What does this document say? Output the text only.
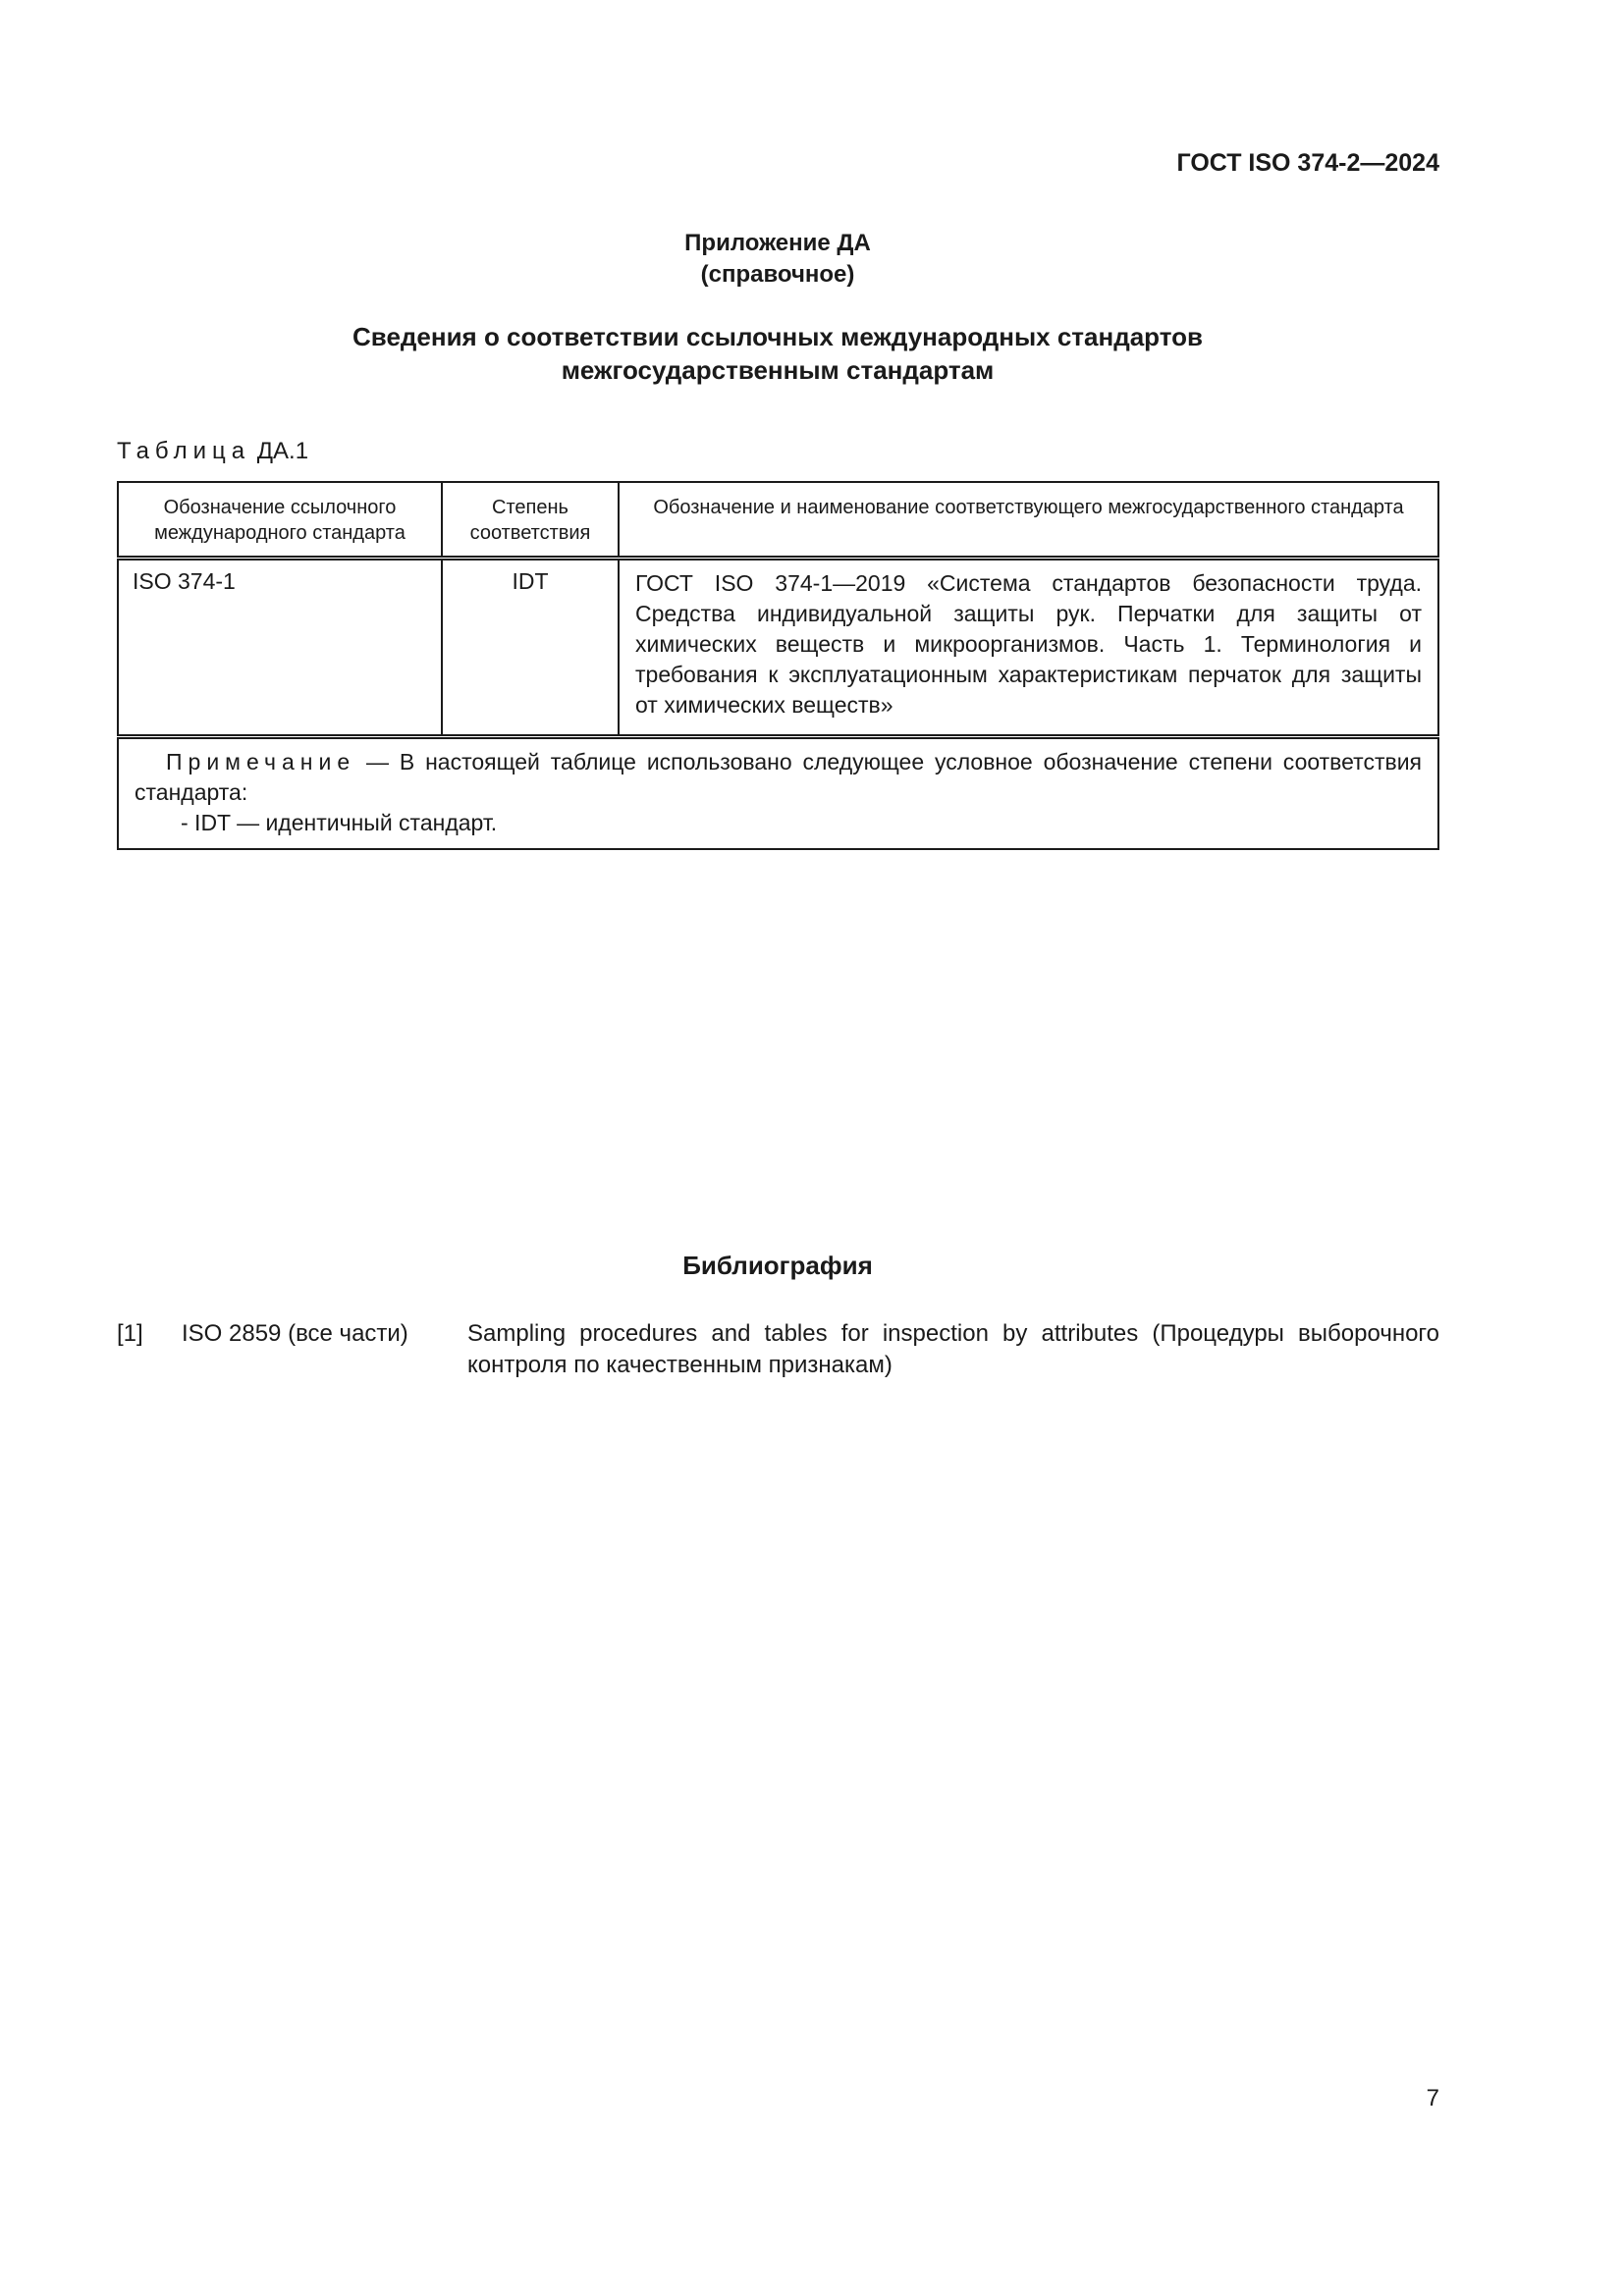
ГОСТ ISO 374-2—2024
Приложение ДА
(справочное)
Сведения о соответствии ссылочных международных стандартов
межгосударственным стандартам
Таблица ДА.1
Обозначение ссылочного международного стандарта	Степень соответствия	Обозначение и наименование соответствующего межгосударственного стандарта
ISO 374-1	IDT	ГОСТ ISO 374-1—2019 «Система стандартов безопасности труда. Средства индивидуальной защиты рук. Перчатки для защиты от химических веществ и микроорганизмов. Часть 1. Терминология и требования к эксплуатационным характеристикам перчаток для защиты от химических веществ»

Примечание — В настоящей таблице использовано следующее условное обозначение степени соответствия стандарта:
- IDT — идентичный стандарт.		
Библиография
[1] ISO 2859 (все части)	Sampling procedures and tables for inspection by attributes (Процедуры выборочного контроля по качественным признакам)
7
